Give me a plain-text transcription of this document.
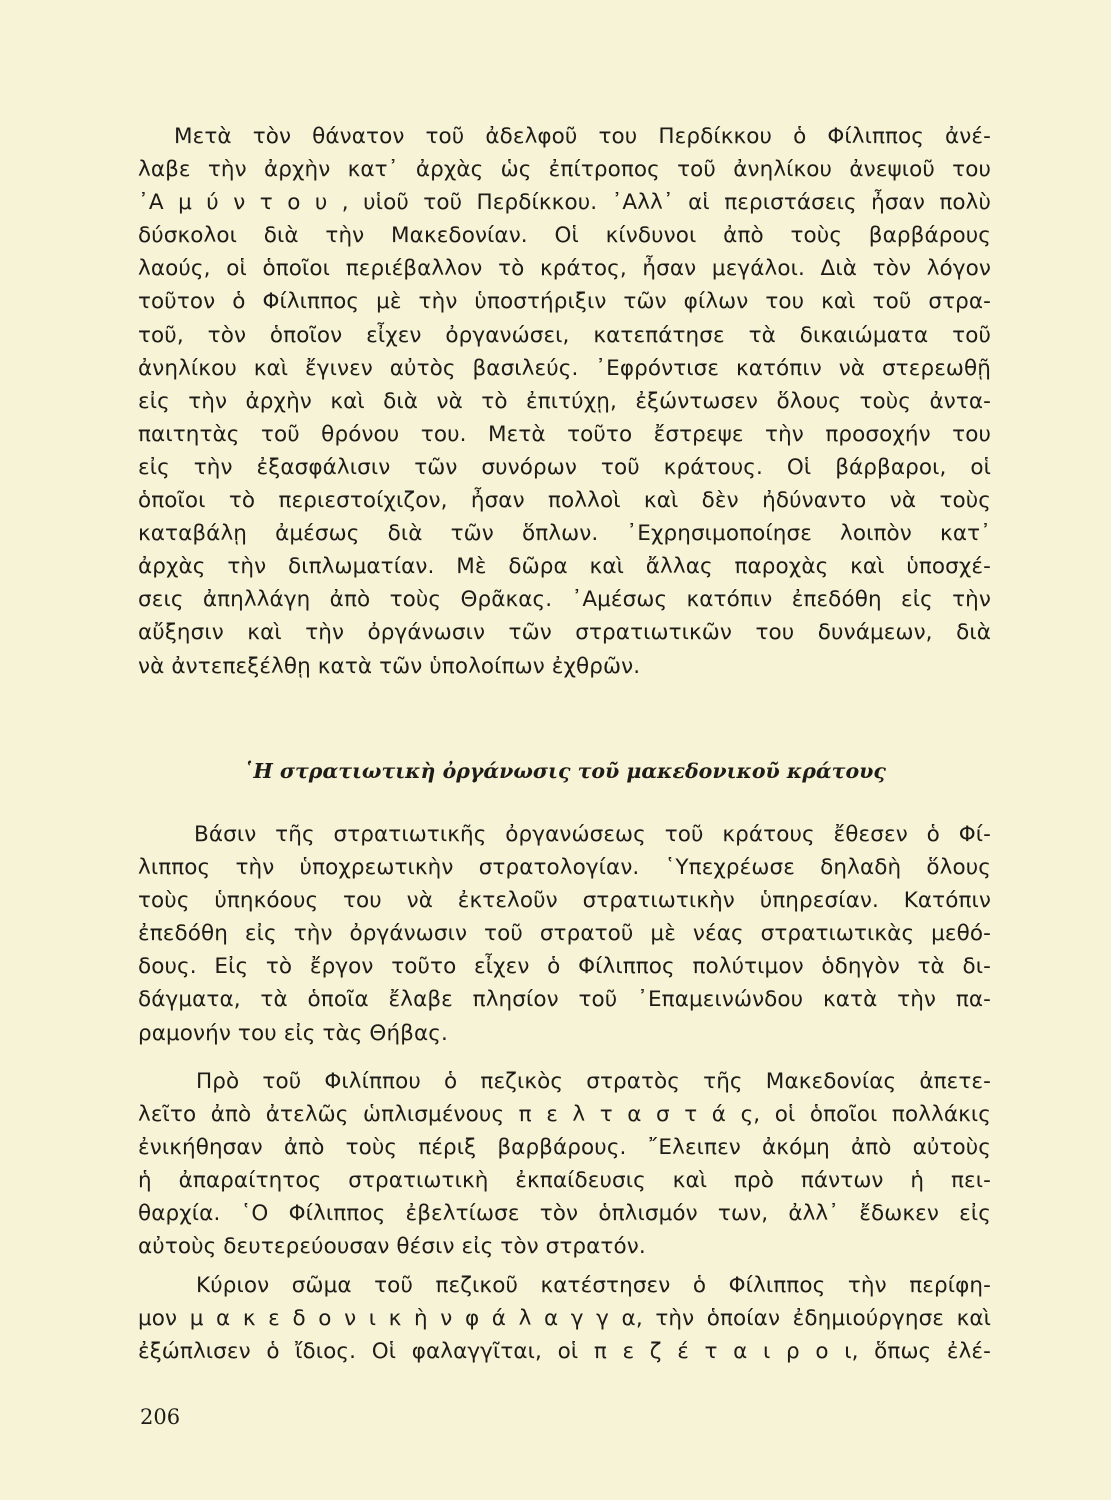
Μετὰ τὸν θάνατον τοῦ ἀδελφοῦ του Περδίκκου ὁ Φίλιππος ἀνέ-
λαβε τὴν ἀρχὴν κατ᾽ ἀρχὰς ὡς ἐπίτροπος τοῦ ἀνηλίκου ἀνεψιοῦ του
᾽Α μ ύ ν τ ο υ , υἱοῦ τοῦ Περδίκκου. ᾽Αλλ᾽ αἱ περιστάσεις ἦσαν πολὺ
δύσκολοι διὰ τὴν Μακεδονίαν. Οἱ κίνδυνοι ἀπὸ τοὺς βαρβάρους
λαούς, οἱ ὁποῖοι περιέβαλλον τὸ κράτος, ἦσαν μεγάλοι. Διὰ τὸν λόγον
τοῦτον ὁ Φίλιππος μὲ τὴν ὑποστήριξιν τῶν φίλων του καὶ τοῦ στρα-
τοῦ, τὸν ὁποῖον εἶχεν ὀργανώσει, κατεπάτησε τὰ δικαιώματα τοῦ
ἀνηλίκου καὶ ἔγινεν αὐτὸς βασιλεύς. ᾽Εφρόντισε κατόπιν νὰ στερεωθῇ
εἰς τὴν ἀρχὴν καὶ διὰ νὰ τὸ ἐπιτύχῃ, ἐξώντωσεν ὅλους τοὺς ἀντα-
παιτητὰς τοῦ θρόνου του. Μετὰ τοῦτο ἔστρεψε τὴν προσοχήν του
εἰς τὴν ἐξασφάλισιν τῶν συνόρων τοῦ κράτους. Οἱ βάρβαροι, οἱ
ὁποῖοι τὸ περιεστοίχιζον, ἦσαν πολλοὶ καὶ δὲν ἠδύναντο νὰ τοὺς
καταβάλῃ ἀμέσως διὰ τῶν ὅπλων. ᾽Εχρησιμοποίησε λοιπὸν κατ᾽
ἀρχὰς τὴν διπλωματίαν. Μὲ δῶρα καὶ ἄλλας παροχὰς καὶ ὑποσχέ-
σεις ἀπηλλάγη ἀπὸ τοὺς Θρᾶκας. ᾽Αμέσως κατόπιν ἐπεδόθη εἰς τὴν
αὔξησιν καὶ τὴν ὀργάνωσιν τῶν στρατιωτικῶν του δυνάμεων, διὰ
νὰ ἀντεπεξέλθῃ κατὰ τῶν ὑπολοίπων ἐχθρῶν.
῾Η στρατιωτικὴ ὀργάνωσις τοῦ μακεδονικοῦ κράτους
Βάσιν τῆς στρατιωτικῆς ὀργανώσεως τοῦ κράτους ἔθεσεν ὁ Φί-
λιππος τὴν ὑποχρεωτικὴν στρατολογίαν. ῾Υπεχρέωσε δηλαδὴ ὅλους
τοὺς ὑπηκόους του νὰ ἐκτελοῦν στρατιωτικὴν ὑπηρεσίαν. Κατόπιν
ἐπεδόθη εἰς τὴν ὀργάνωσιν τοῦ στρατοῦ μὲ νέας στρατιωτικὰς μεθό-
δους. Εἰς τὸ ἔργον τοῦτο εἶχεν ὁ Φίλιππος πολύτιμον ὁδηγὸν τὰ δι-
δάγματα, τὰ ὁποῖα ἔλαβε πλησίον τοῦ ᾽Επαμεινώνδου κατὰ τὴν πα-
ραμονήν του εἰς τὰς Θήβας.
Πρὸ τοῦ Φιλίππου ὁ πεζικὸς στρατὸς τῆς Μακεδονίας ἀπετε-
λεῖτο ἀπὸ ἀτελῶς ὡπλισμένους π ε λ τ α σ τ ά ς, οἱ ὁποῖοι πολλάκις
ἐνικήθησαν ἀπὸ τοὺς πέριξ βαρβάρους. ῎Ελειπεν ἀκόμη ἀπὸ αὐτοὺς
ἡ ἀπαραίτητος στρατιωτικὴ ἐκπαίδευσις καὶ πρὸ πάντων ἡ πει-
θαρχία. ῾Ο Φίλιππος ἐβελτίωσε τὸν ὁπλισμόν των, ἀλλ᾽ ἔδωκεν εἰς
αὐτοὺς δευτερεύουσαν θέσιν εἰς τὸν στρατόν.
Κύριον σῶμα τοῦ πεζικοῦ κατέστησεν ὁ Φίλιππος τὴν περίφη-
μον μ α κ ε δ ο ν ι κ ὴ ν φ ά λ α γ γ α, τὴν ὁποίαν ἐδημιούργησε καὶ
ἐξώπλισεν ὁ ἴδιος. Οἱ φαλαγγῖται, οἱ π ε ζ έ τ α ι ρ ο ι, ὅπως ἐλέ-
206
